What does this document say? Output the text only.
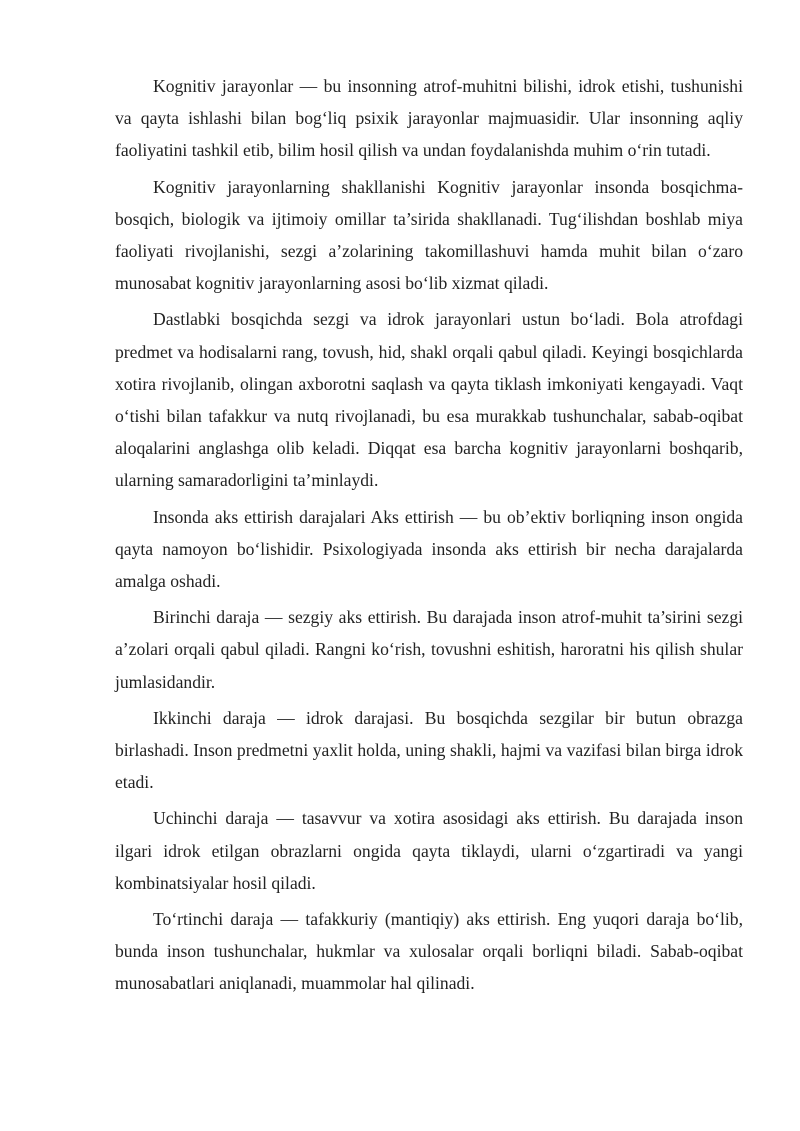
Kognitiv jarayonlar — bu insonning atrof-muhitni bilishi, idrok etishi, tushunishi va qayta ishlashi bilan bog‘liq psixik jarayonlar majmuasidir. Ular insonning aqliy faoliyatini tashkil etib, bilim hosil qilish va undan foydalanishda muhim o‘rin tutadi.

Kognitiv jarayonlarning shakllanishi Kognitiv jarayonlar insonda bosqichma-bosqich, biologik va ijtimoiy omillar ta’sirida shakllanadi. Tug‘ilishdan boshlab miya faoliyati rivojlanishi, sezgi a’zolarining takomillashuvi hamda muhit bilan o‘zaro munosabat kognitiv jarayonlarning asosi bo‘lib xizmat qiladi.

Dastlabki bosqichda sezgi va idrok jarayonlari ustun bo‘ladi. Bola atrofdagi predmet va hodisalarni rang, tovush, hid, shakl orqali qabul qiladi. Keyingi bosqichlarda xotira rivojlanib, olingan axborotni saqlash va qayta tiklash imkoniyati kengayadi. Vaqt o‘tishi bilan tafakkur va nutq rivojlanadi, bu esa murakkab tushunchalar, sabab-oqibat aloqalarini anglashga olib keladi. Diqqat esa barcha kognitiv jarayonlarni boshqarib, ularning samaradorligini ta’minlaydi.

Insonda aks ettirish darajalari Aks ettirish — bu ob’ektiv borliqning inson ongida qayta namoyon bo‘lishidir. Psixologiyada insonda aks ettirish bir necha darajalarda amalga oshadi.

Birinchi daraja — sezgiy aks ettirish. Bu darajada inson atrof-muhit ta’sirini sezgi a’zolari orqali qabul qiladi. Rangni ko‘rish, tovushni eshitish, haroratni his qilish shular jumlasidandir.

Ikkinchi daraja — idrok darajasi. Bu bosqichda sezgilar bir butun obrazga birlashadi. Inson predmetni yaxlit holda, uning shakli, hajmi va vazifasi bilan birga idrok etadi.

Uchinchi daraja — tasavvur va xotira asosidagi aks ettirish. Bu darajada inson ilgari idrok etilgan obrazlarni ongida qayta tiklaydi, ularni o‘zgartiradi va yangi kombinatsiyalar hosil qiladi.

To‘rtinchi daraja — tafakkuriy (mantiqiy) aks ettirish. Eng yuqori daraja bo‘lib, bunda inson tushunchalar, hukmlar va xulosalar orqali borliqni biladi. Sabab-oqibat munosabatlari aniqlanadi, muammolar hal qilinadi.
